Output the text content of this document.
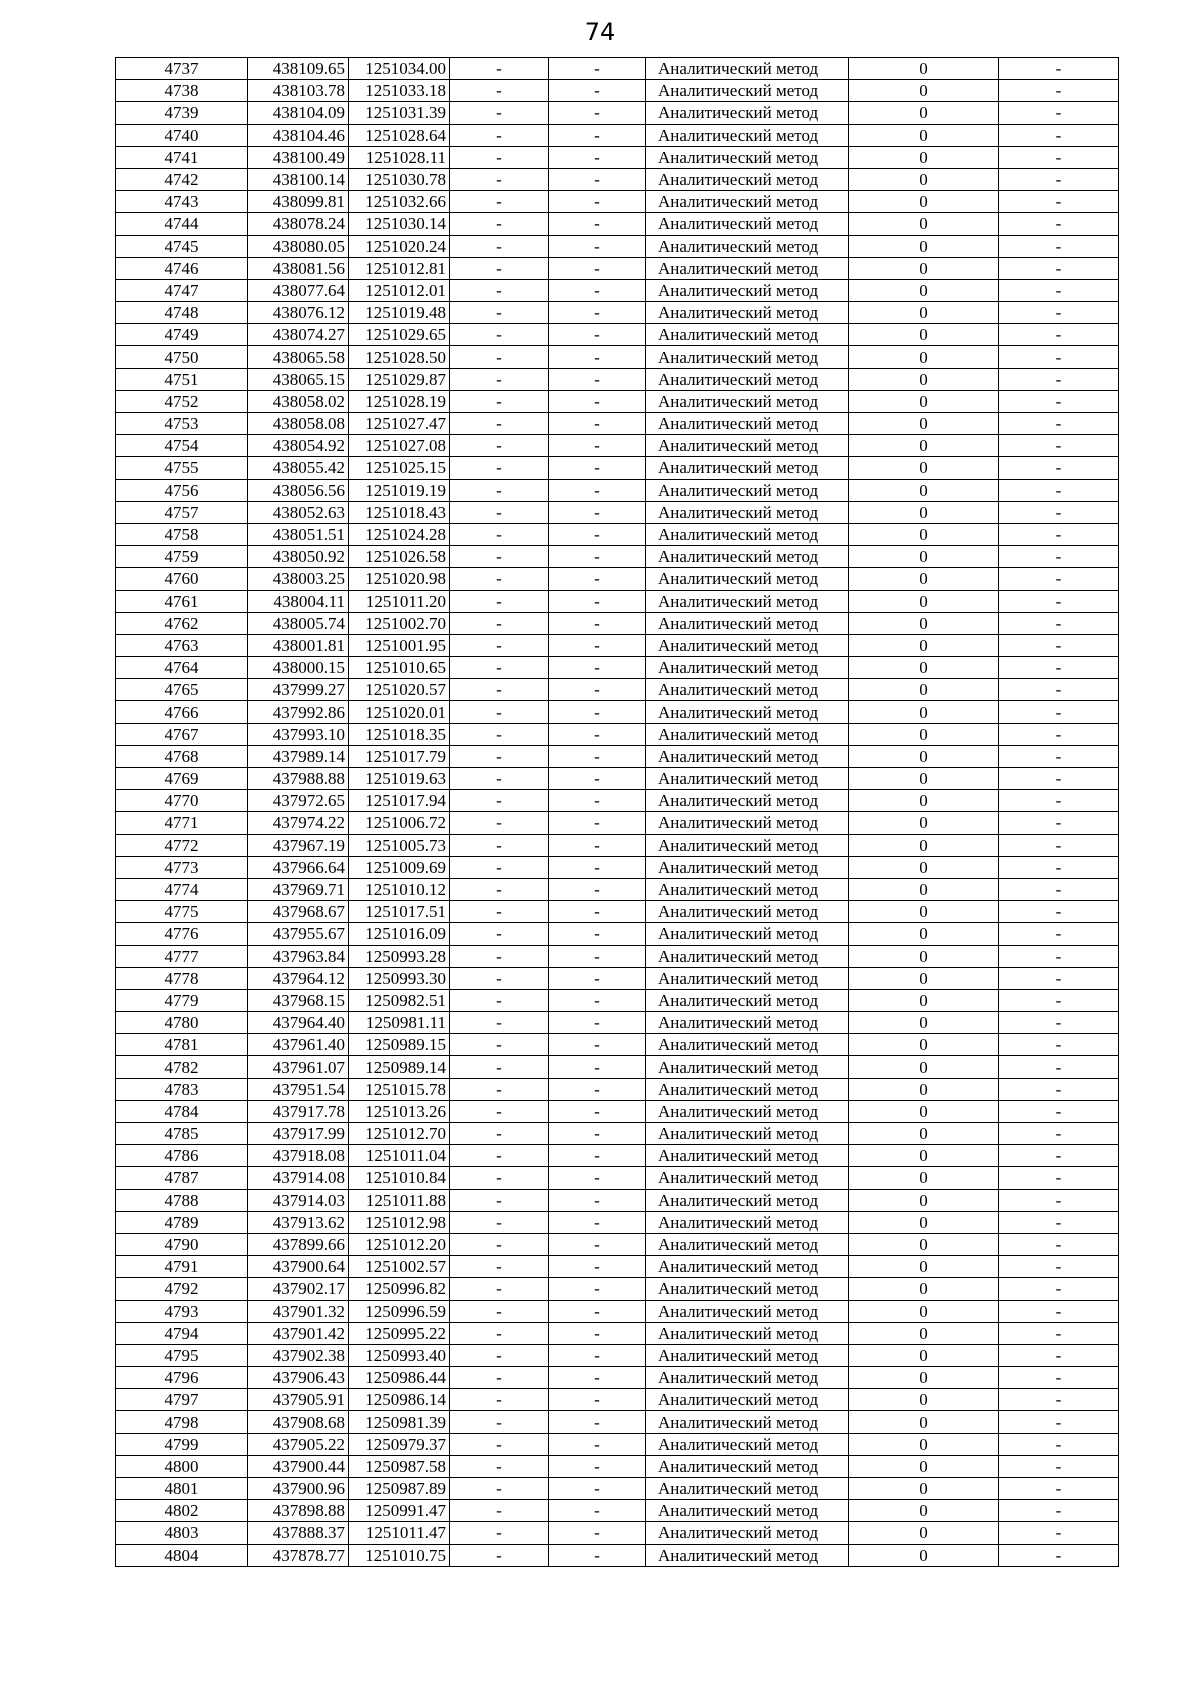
74
4737	438109.65	1251034.00	-	-	Аналитический метод	0	-
4738	438103.78	1251033.18	-	-	Аналитический метод	0	-
4739	438104.09	1251031.39	-	-	Аналитический метод	0	-
4740	438104.46	1251028.64	-	-	Аналитический метод	0	-
4741	438100.49	1251028.11	-	-	Аналитический метод	0	-
4742	438100.14	1251030.78	-	-	Аналитический метод	0	-
4743	438099.81	1251032.66	-	-	Аналитический метод	0	-
4744	438078.24	1251030.14	-	-	Аналитический метод	0	-
4745	438080.05	1251020.24	-	-	Аналитический метод	0	-
4746	438081.56	1251012.81	-	-	Аналитический метод	0	-
4747	438077.64	1251012.01	-	-	Аналитический метод	0	-
4748	438076.12	1251019.48	-	-	Аналитический метод	0	-
4749	438074.27	1251029.65	-	-	Аналитический метод	0	-
4750	438065.58	1251028.50	-	-	Аналитический метод	0	-
4751	438065.15	1251029.87	-	-	Аналитический метод	0	-
4752	438058.02	1251028.19	-	-	Аналитический метод	0	-
4753	438058.08	1251027.47	-	-	Аналитический метод	0	-
4754	438054.92	1251027.08	-	-	Аналитический метод	0	-
4755	438055.42	1251025.15	-	-	Аналитический метод	0	-
4756	438056.56	1251019.19	-	-	Аналитический метод	0	-
4757	438052.63	1251018.43	-	-	Аналитический метод	0	-
4758	438051.51	1251024.28	-	-	Аналитический метод	0	-
4759	438050.92	1251026.58	-	-	Аналитический метод	0	-
4760	438003.25	1251020.98	-	-	Аналитический метод	0	-
4761	438004.11	1251011.20	-	-	Аналитический метод	0	-
4762	438005.74	1251002.70	-	-	Аналитический метод	0	-
4763	438001.81	1251001.95	-	-	Аналитический метод	0	-
4764	438000.15	1251010.65	-	-	Аналитический метод	0	-
4765	437999.27	1251020.57	-	-	Аналитический метод	0	-
4766	437992.86	1251020.01	-	-	Аналитический метод	0	-
4767	437993.10	1251018.35	-	-	Аналитический метод	0	-
4768	437989.14	1251017.79	-	-	Аналитический метод	0	-
4769	437988.88	1251019.63	-	-	Аналитический метод	0	-
4770	437972.65	1251017.94	-	-	Аналитический метод	0	-
4771	437974.22	1251006.72	-	-	Аналитический метод	0	-
4772	437967.19	1251005.73	-	-	Аналитический метод	0	-
4773	437966.64	1251009.69	-	-	Аналитический метод	0	-
4774	437969.71	1251010.12	-	-	Аналитический метод	0	-
4775	437968.67	1251017.51	-	-	Аналитический метод	0	-
4776	437955.67	1251016.09	-	-	Аналитический метод	0	-
4777	437963.84	1250993.28	-	-	Аналитический метод	0	-
4778	437964.12	1250993.30	-	-	Аналитический метод	0	-
4779	437968.15	1250982.51	-	-	Аналитический метод	0	-
4780	437964.40	1250981.11	-	-	Аналитический метод	0	-
4781	437961.40	1250989.15	-	-	Аналитический метод	0	-
4782	437961.07	1250989.14	-	-	Аналитический метод	0	-
4783	437951.54	1251015.78	-	-	Аналитический метод	0	-
4784	437917.78	1251013.26	-	-	Аналитический метод	0	-
4785	437917.99	1251012.70	-	-	Аналитический метод	0	-
4786	437918.08	1251011.04	-	-	Аналитический метод	0	-
4787	437914.08	1251010.84	-	-	Аналитический метод	0	-
4788	437914.03	1251011.88	-	-	Аналитический метод	0	-
4789	437913.62	1251012.98	-	-	Аналитический метод	0	-
4790	437899.66	1251012.20	-	-	Аналитический метод	0	-
4791	437900.64	1251002.57	-	-	Аналитический метод	0	-
4792	437902.17	1250996.82	-	-	Аналитический метод	0	-
4793	437901.32	1250996.59	-	-	Аналитический метод	0	-
4794	437901.42	1250995.22	-	-	Аналитический метод	0	-
4795	437902.38	1250993.40	-	-	Аналитический метод	0	-
4796	437906.43	1250986.44	-	-	Аналитический метод	0	-
4797	437905.91	1250986.14	-	-	Аналитический метод	0	-
4798	437908.68	1250981.39	-	-	Аналитический метод	0	-
4799	437905.22	1250979.37	-	-	Аналитический метод	0	-
4800	437900.44	1250987.58	-	-	Аналитический метод	0	-
4801	437900.96	1250987.89	-	-	Аналитический метод	0	-
4802	437898.88	1250991.47	-	-	Аналитический метод	0	-
4803	437888.37	1251011.47	-	-	Аналитический метод	0	-
4804	437878.77	1251010.75	-	-	Аналитический метод	0	-
